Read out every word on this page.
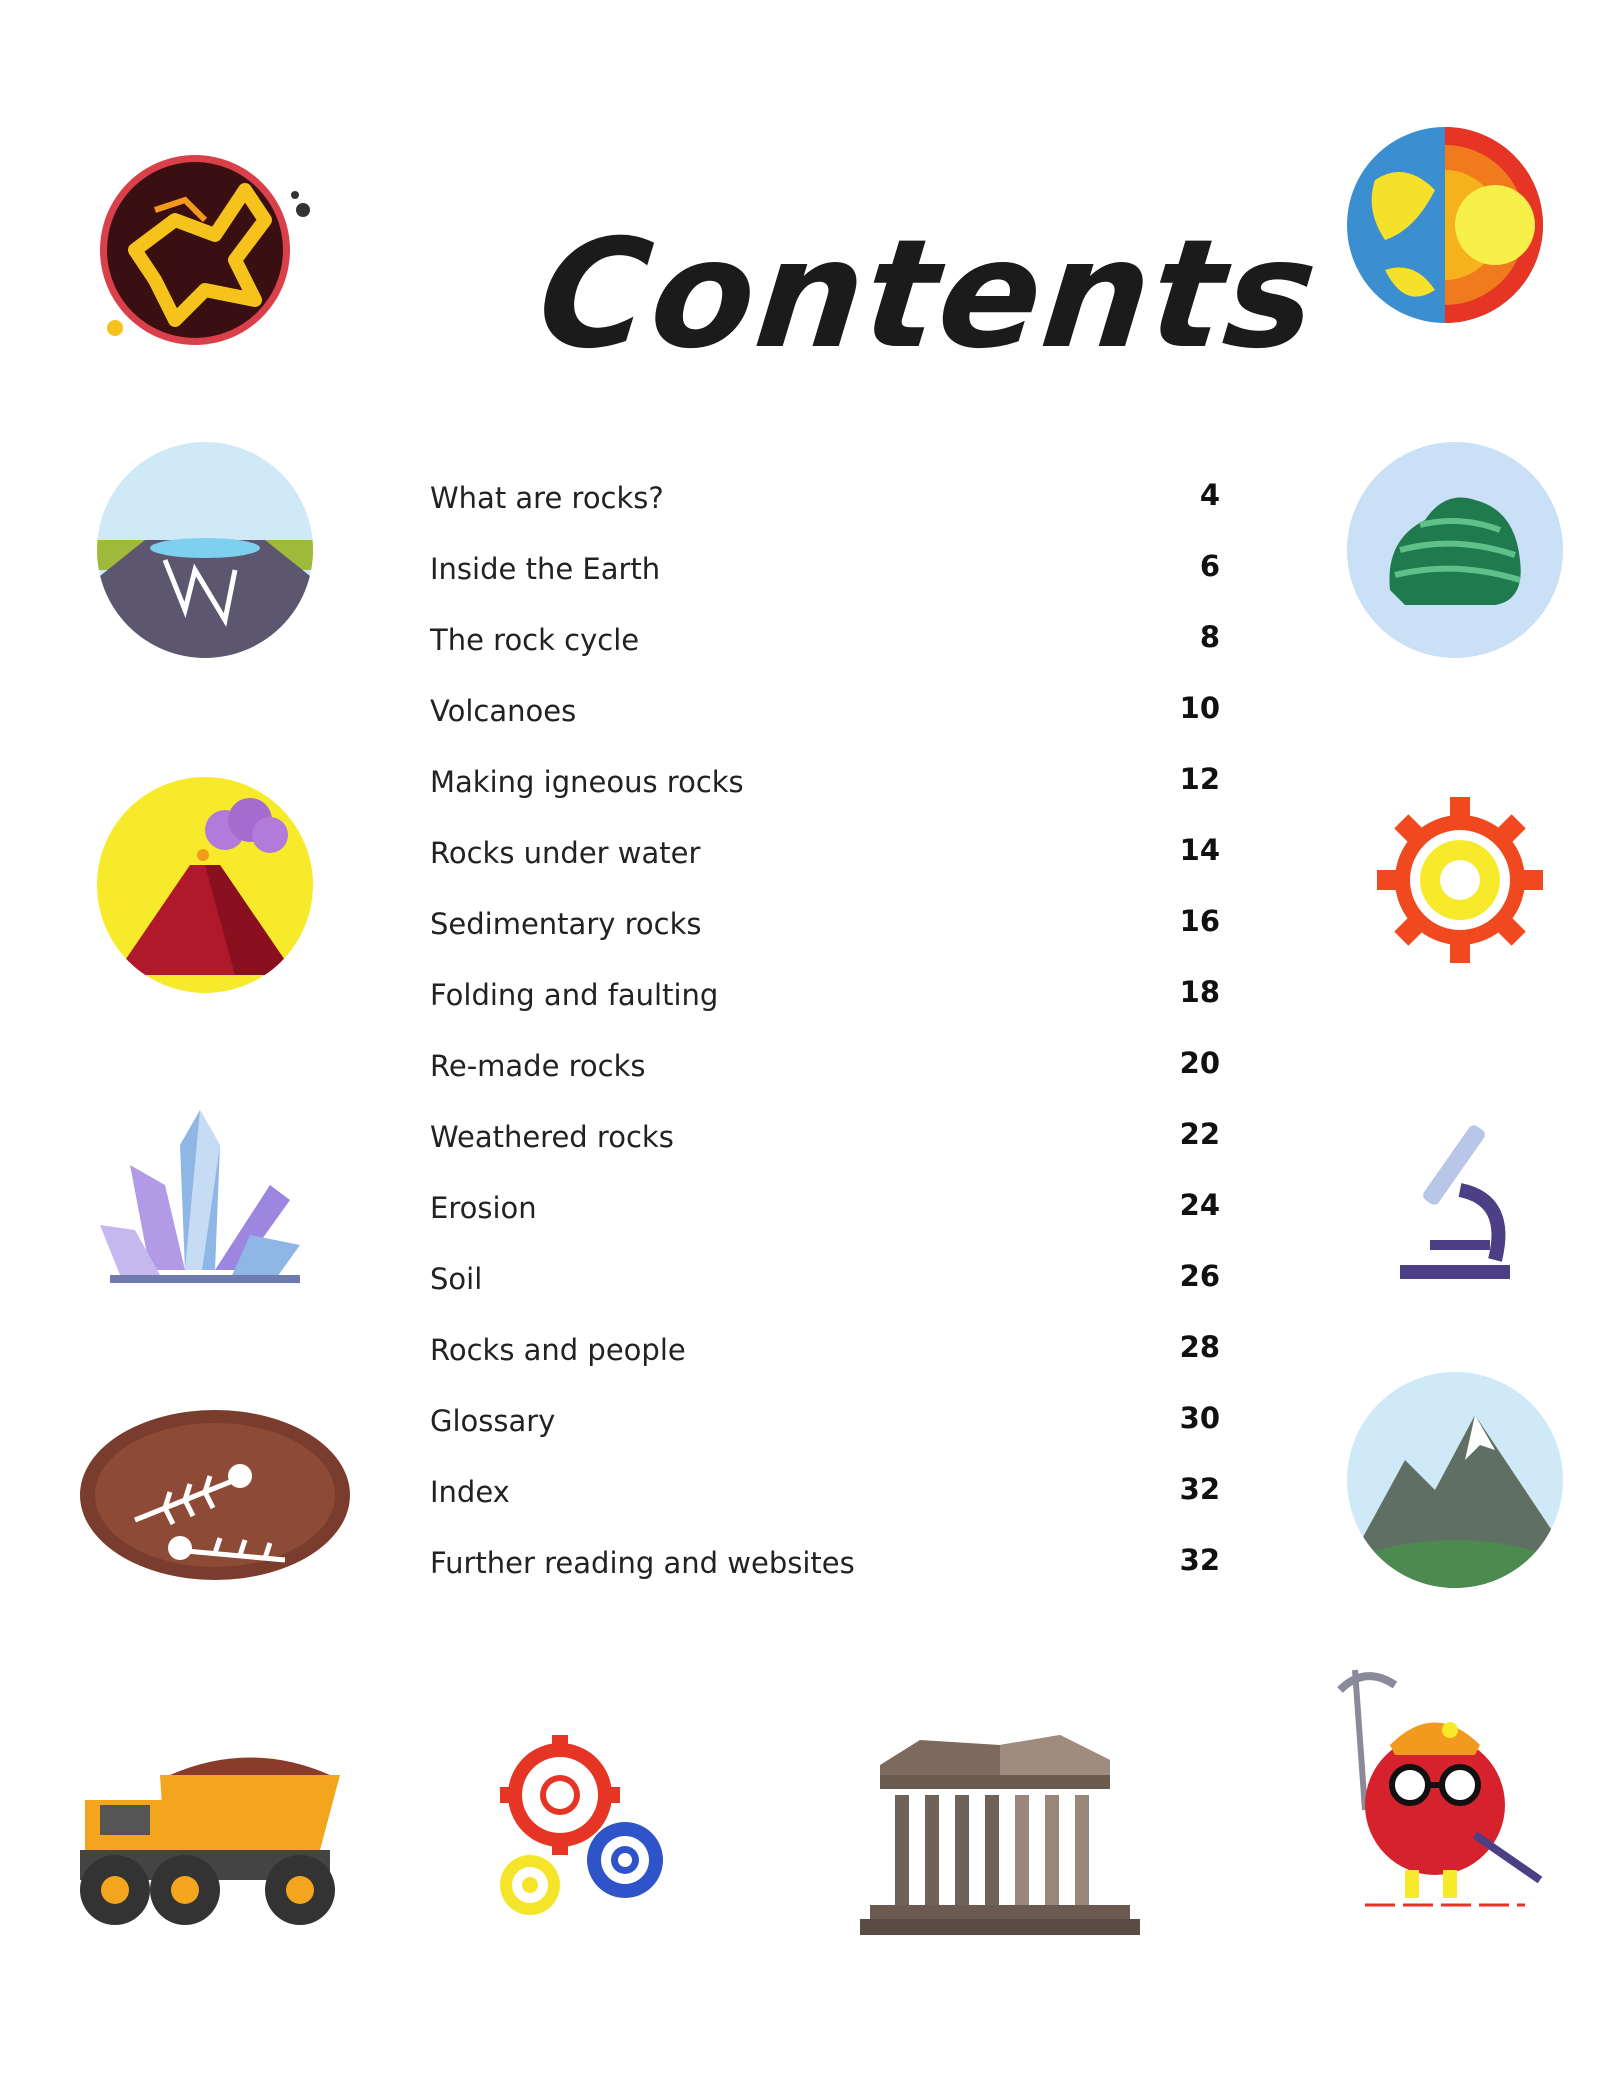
Contents
What are rocks?	4
Inside the Earth	6
The rock cycle	8
Volcanoes	10
Making igneous rocks	12
Rocks under water	14
Sedimentary rocks	16
Folding and faulting	18
Re-made rocks	20
Weathered rocks	22
Erosion	24
Soil	26
Rocks and people	28
Glossary	30
Index	32
Further reading and websites	32
